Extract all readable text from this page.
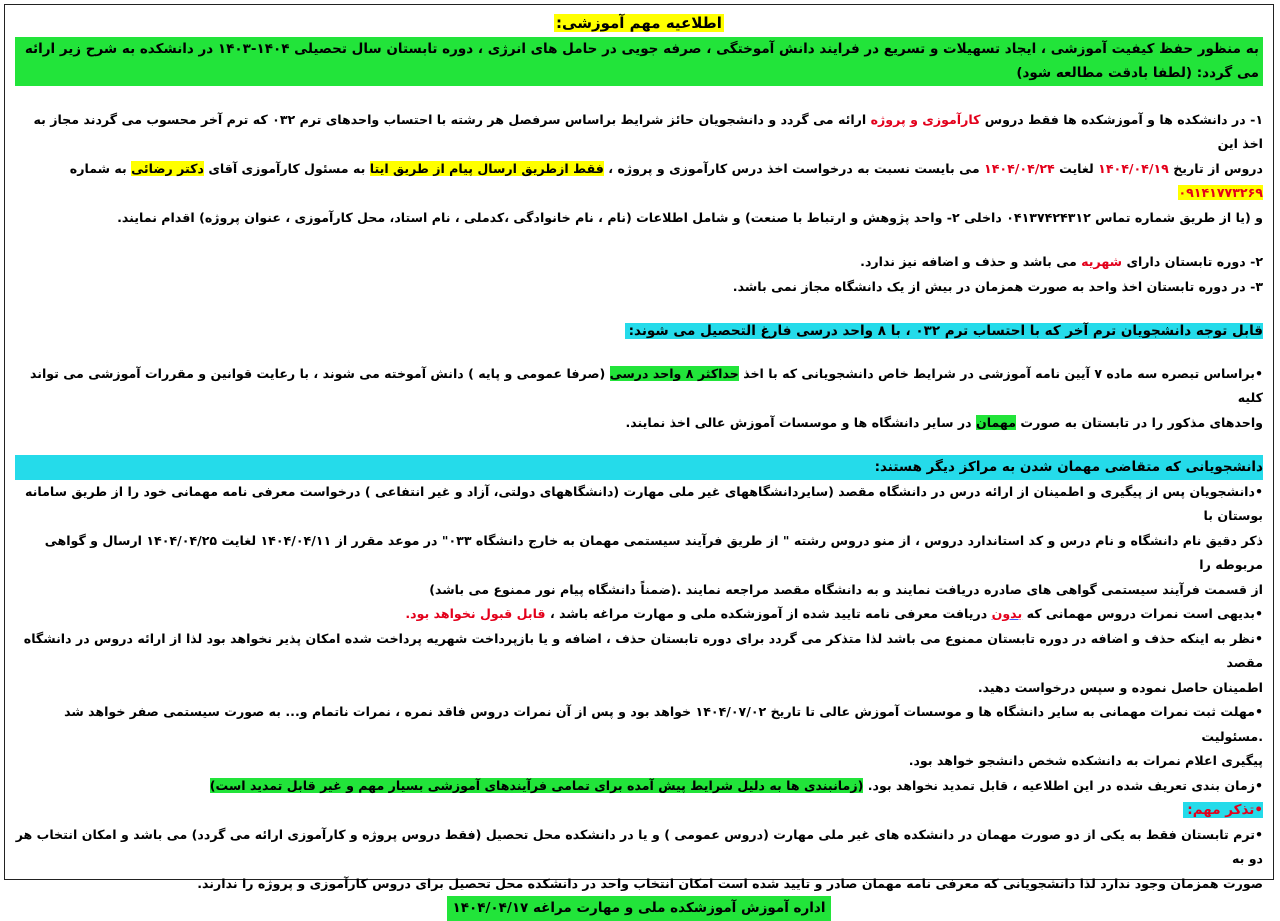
اطلاعیه مهم آموزشی:

به منظور حفظ کیفیت آموزشی ، ایجاد تسهیلات و تسریع در فرایند دانش آموختگی ، صرفه جویی در حامل های انرژی ، دوره تابستان سال تحصیلی ۱۴۰۴-۱۴۰۳ در دانشکده به شرح زیر ارائه
می گردد: (لطفا بادقت مطالعه شود)
۱- در دانشکده ها و آموزشکده ها فقط دروس کارآموزی و پروژه ارائه می گردد و دانشجویان حائز شرایط براساس سرفصل هر رشته با احتساب واحدهای ترم ۰۳۲ که ترم آخر محسوب می گردند مجاز به اخذ این
دروس از تاریخ ۱۴۰۴/۰۴/۱۹ لغایت ۱۴۰۴/۰۴/۲۴ می بایست نسبت به درخواست اخذ درس کارآموزی و پروژه ، فقط ازطریق ارسال پیام از طریق ایتا به مسئول کارآموزی آقای دکتر رضائی به شماره ۰۹۱۴۱۷۷۳۲۶۹
و (یا از طریق شماره تماس ۰۴۱۳۷۴۲۴۳۱۲ داخلی ۲- واحد پژوهش و ارتباط با صنعت) و شامل اطلاعات (نام ، نام خانوادگی ،کدملی ، نام استاد، محل کارآموزی ، عنوان پروژه) اقدام نمایند.
۲- دوره تابستان دارای شهریه می باشد و حذف و اضافه نیز ندارد.
۳- در دوره تابستان اخذ واحد به صورت همزمان در بیش از یک دانشگاه مجاز نمی باشد.

قابل توجه دانشجویان ترم آخر که با احتساب ترم ۰۳۲ ، با ۸ واحد درسی فارغ التحصیل می شوند:

•براساس تبصره سه ماده ۷ آیین نامه آموزشی در شرایط خاص دانشجویانی که با اخذ حداکثر ۸ واحد درسی (صرفا عمومی و پایه ) دانش آموخته می شوند ، با رعایت قوانین و مقررات آموزشی می تواند کلیه
واحدهای مذکور را در تابستان به صورت مهمان در سایر دانشگاه ها و موسسات آموزش عالی اخذ نمایند.
دانشجویانی که متقاضی مهمان شدن به مراکز دیگر هستند:
•دانشجویان پس از پیگیری و اطمینان از ارائه درس در دانشگاه مقصد (سایردانشگاههای غیر ملی مهارت (دانشگاههای دولتی، آزاد و غیر انتفاعی ) درخواست معرفی نامه مهمانی خود را از طریق سامانه بوستان با
ذکر دقیق نام دانشگاه و نام درس و کد استاندارد دروس ، از منو دروس رشته " از طریق فرآیند سیستمی مهمان به خارج دانشگاه ۰۳۳" در موعد مقرر از ۱۴۰۴/۰۴/۱۱ لغایت ۱۴۰۴/۰۴/۲۵ ارسال و گواهی مربوطه را
از قسمت فرآیند سیستمی گواهی های صادره دریافت نمایند و به دانشگاه مقصد مراجعه نمایند .(ضمناً دانشگاه پیام نور ممنوع می باشد)
•بدیهی است نمرات دروس مهمانی که بدون دریافت معرفی نامه تایید شده از آموزشکده ملی و مهارت مراغه باشد ، قابل قبول نخواهد بود.
•نظر به اینکه حذف و اضافه در دوره تابستان ممنوع می باشد لذا متذکر می گردد برای دوره تابستان حذف ، اضافه و یا بازپرداخت شهریه پرداخت شده امکان پذیر نخواهد بود لذا از ارائه دروس در دانشگاه مقصد
اطمینان حاصل نموده و سپس درخواست دهید.
•مهلت ثبت نمرات مهمانی به سایر دانشگاه ها و موسسات آموزش عالی تا تاریخ ۱۴۰۴/۰۷/۰۲ خواهد بود و پس از آن نمرات دروس فاقد نمره ، نمرات ناتمام و... به صورت سیستمی صفر خواهد شد .مسئولیت
پیگیری اعلام نمرات به دانشکده شخص دانشجو خواهد بود.
•زمان بندی تعریف شده در این اطلاعیه ، قابل تمدید نخواهد بود. (زمانبندی ها به دلیل شرایط پیش آمده برای تمامی فرآیندهای آموزشی بسیار مهم و غیر قابل تمدید است)

•تذکر مهم:

•ترم تابستان فقط به یکی از دو صورت مهمان در دانشکده های غیر ملی مهارت (دروس عمومی ) و یا در دانشکده محل تحصیل (فقط دروس پروژه و کارآموزی ارائه می گردد) می باشد و امکان انتخاب هر دو به
صورت همزمان وجود ندارد لذا دانشجویانی که معرفی نامه مهمان صادر و تایید شده است امکان انتخاب واحد در دانشکده محل تحصیل برای دروس کارآموزی و پروژه را ندارند.

اداره آموزش آموزشکده ملی و مهارت مراغه ۱۴۰۴/۰۴/۱۷
